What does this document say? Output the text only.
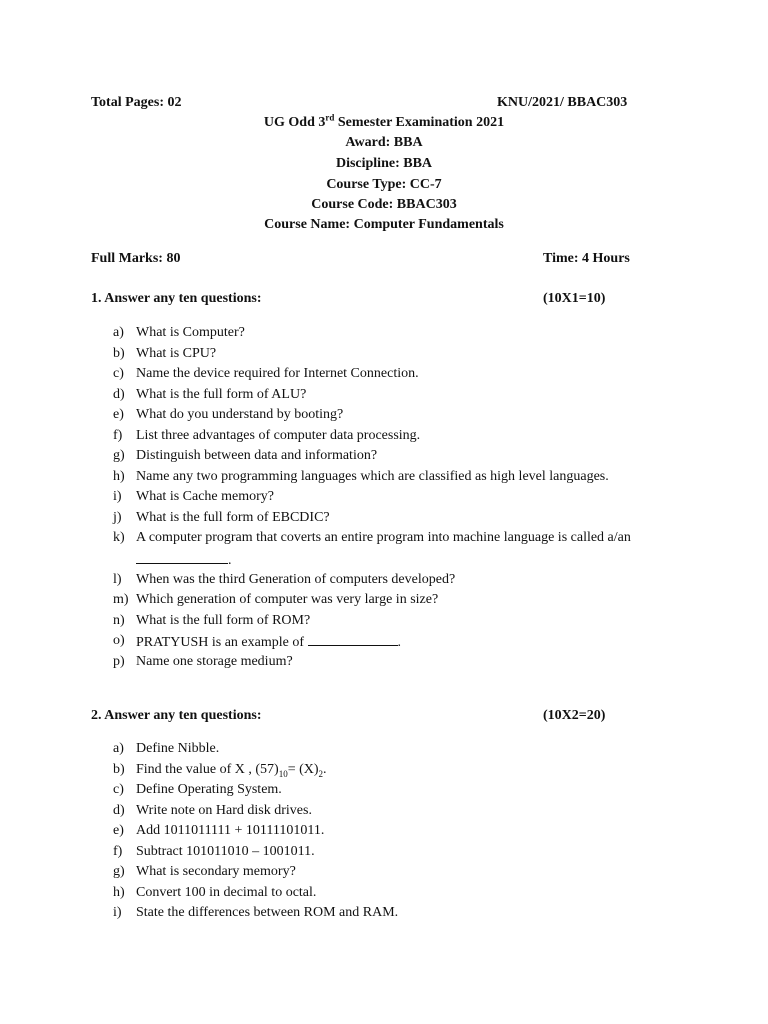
Total Pages: 02	KNU/2021/ BBAC303
UG Odd 3rd Semester Examination 2021
Award: BBA
Discipline: BBA
Course Type: CC-7
Course Code: BBAC303
Course Name: Computer Fundamentals
Full Marks: 80	Time: 4 Hours
1. Answer any ten questions:	(10X1=10)
a) What is Computer?
b) What is CPU?
c) Name the device required for Internet Connection.
d) What is the full form of ALU?
e) What do you understand by booting?
f) List three advantages of computer data processing.
g) Distinguish between data and information?
h) Name any two programming languages which are classified as high level languages.
i) What is Cache memory?
j) What is the full form of EBCDIC?
k) A computer program that coverts an entire program into machine language is called a/an
.
l) When was the third Generation of computers developed?
m) Which generation of computer was very large in size?
n) What is the full form of ROM?
o) PRATYUSH is an example of	.
p) Name one storage medium?
2. Answer any ten questions:	(10X2=20)
a) Define Nibble.
b) Find the value of X , $(57)_{10}= (X)_2$.
c) Define Operating System.
d) Write note on Hard disk drives.
e) Add 1011011111 + 10111101011.
f) Subtract 101011010 – 1001011.
g) What is secondary memory?
h) Convert 100 in decimal to octal.
i) State the differences between ROM and RAM.
